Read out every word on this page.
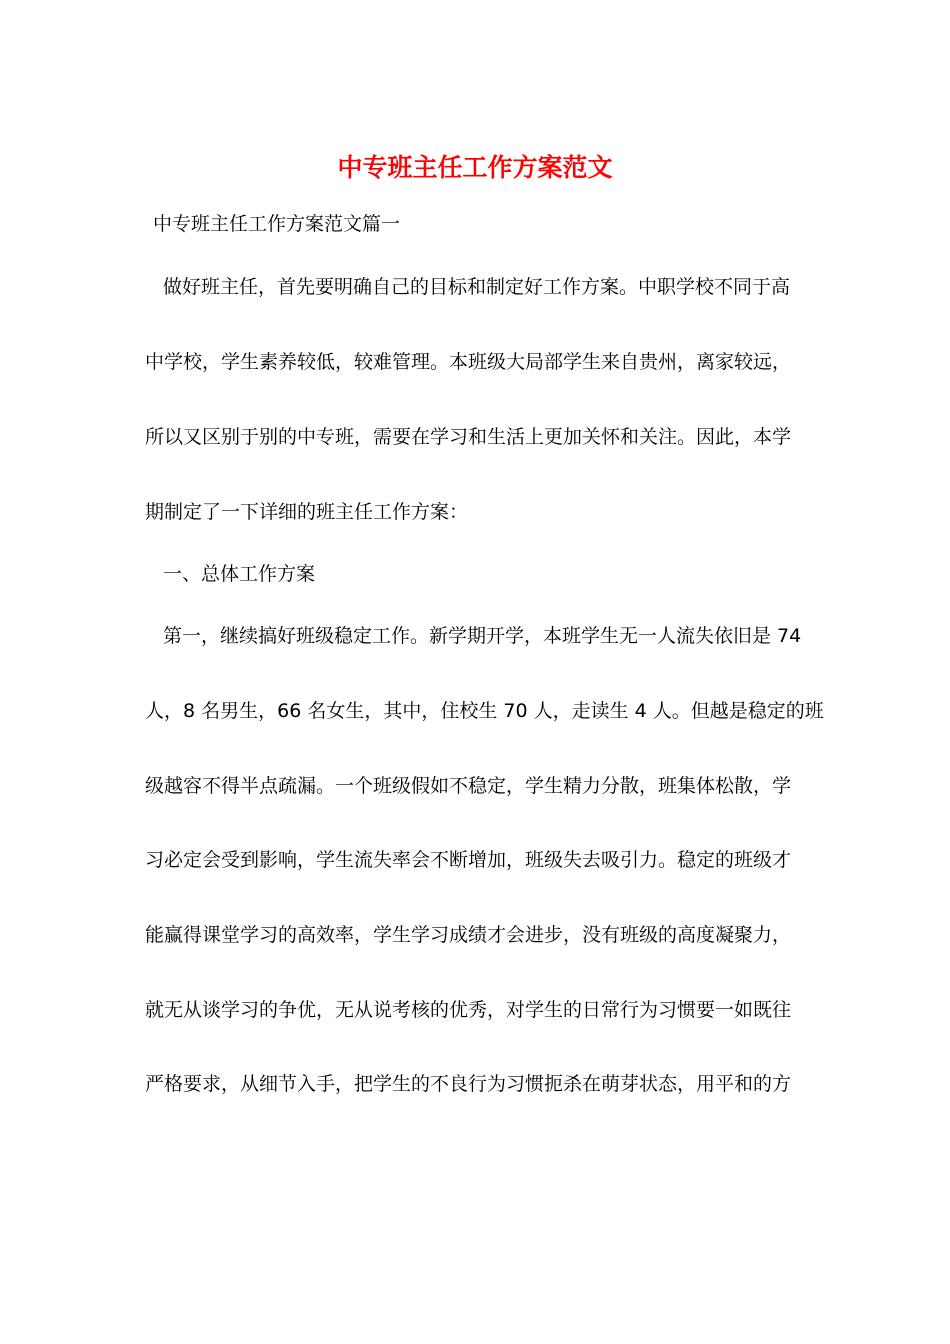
中专班主任工作方案范文
中专班主任工作方案范文篇一
做好班主任，首先要明确自己的目标和制定好工作方案。中职学校不同于高
中学校，学生素养较低，较难管理。本班级大局部学生来自贵州，离家较远，
所以又区别于别的中专班，需要在学习和生活上更加关怀和关注。因此，本学
期制定了一下详细的班主任工作方案：
一、总体工作方案
第一，继续搞好班级稳定工作。新学期开学，本班学生无一人流失依旧是 74
人，8 名男生，66 名女生，其中，住校生 70 人，走读生 4 人。但越是稳定的班
级越容不得半点疏漏。一个班级假如不稳定，学生精力分散，班集体松散，学
习必定会受到影响，学生流失率会不断增加，班级失去吸引力。稳定的班级才
能赢得课堂学习的高效率，学生学习成绩才会进步，没有班级的高度凝聚力，
就无从谈学习的争优，无从说考核的优秀，对学生的日常行为习惯要一如既往
严格要求，从细节入手，把学生的不良行为习惯扼杀在萌芽状态，用平和的方
